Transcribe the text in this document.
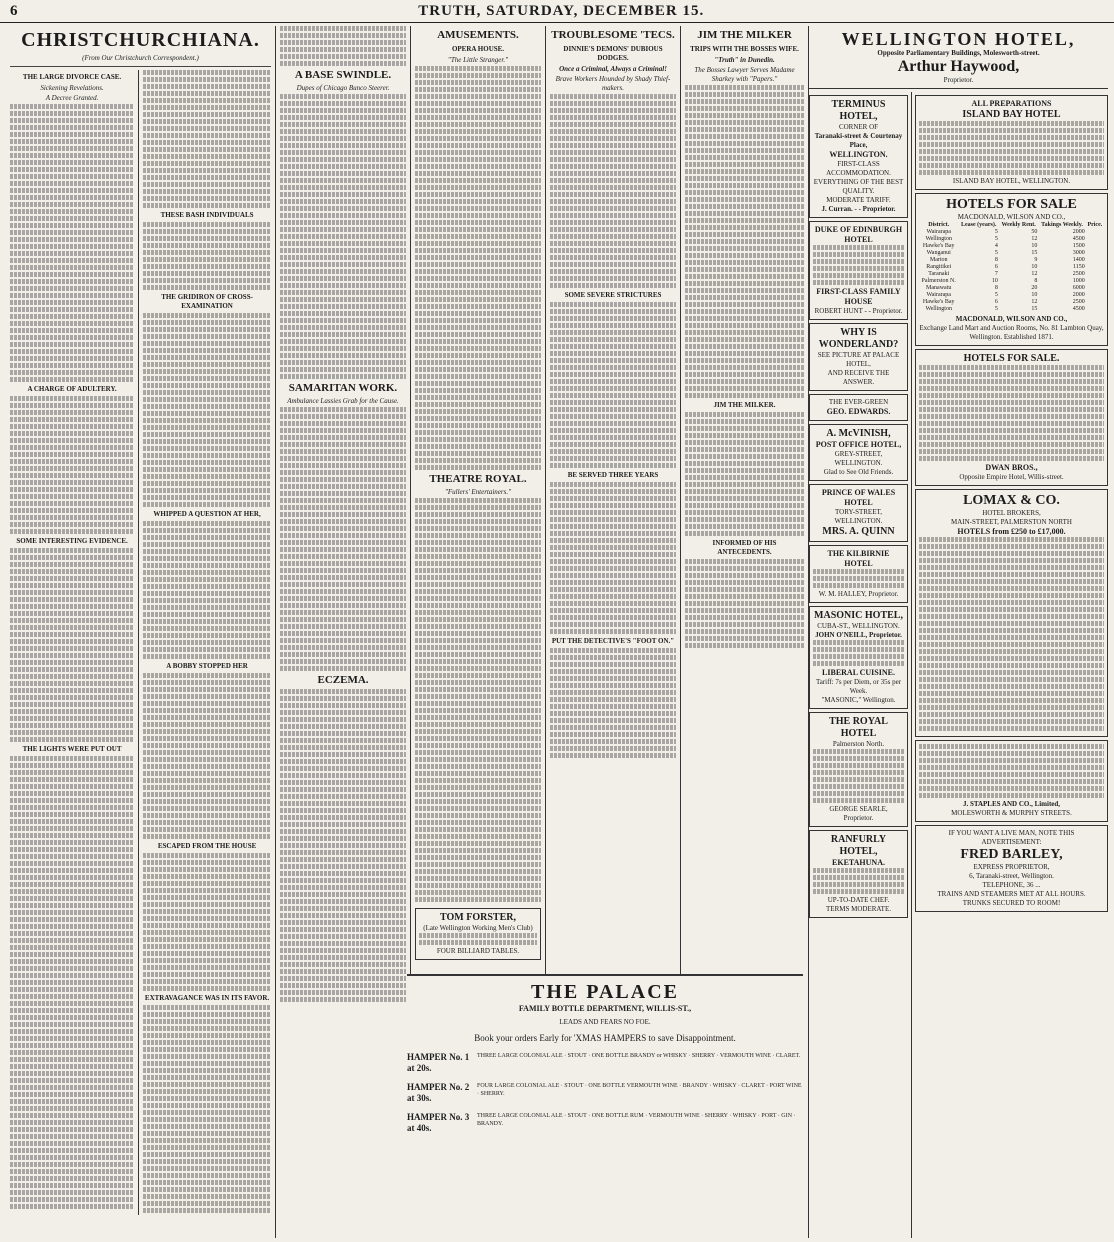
6	TRUTH, SATURDAY, DECEMBER 15.
CHRISTCHURCHIANA.
(From Our Christchurch Correspondent.)
THE LARGE DIVORCE CASE.
Sickening Revelations.
A Decree Granted.
A CHARGE OF ADULTERY.
SOME INTERESTING EVIDENCE.
THE LIGHTS WERE PUT OUT
THESE BASH INDIVIDUALS
THE GRIDIRON OF CROSS-EXAMINATION
WHIPPED A QUESTION AT HER,
A BOBBY STOPPED HER
ESCAPED FROM THE HOUSE
EXTRAVAGANCE WAS IN ITS FAVOR.
A BASE SWINDLE.
Dupes of Chicago Bunco Steerer.
SAMARITAN WORK.
Ambulance Lassies Grab for the Cause.
ECZEMA.
AMUSEMENTS.
OPERA HOUSE.
"The Little Stranger."
THEATRE ROYAL.
"Fullers' Entertainers."
TOM FORSTER,
(Late Wellington Working Men's Club)
FOUR BILLIARD TABLES.
TROUBLESOME 'TECS.
DINNIE'S DEMONS' DUBIOUS DODGES.
Once a Criminal, Always a Criminal!
Brave Workers Hounded by Shady Thief-makers.
SOME SEVERE STRICTURES
BE SERVED THREE YEARS
PUT THE DETECTIVE'S "FOOT ON."
JIM THE MILKER
TRIPS WITH THE BOSSES WIFE.
"Truth" in Dunedin.
The Bosses Lawyer Serves Madame Sharkey with "Papers."
JIM THE MILKER.
INFORMED OF HIS ANTECEDENTS.
WELLINGTON HOTEL,
Opposite Parliamentary Buildings, Molesworth-street.
Arthur Haywood,
Proprietor.
TERMINUS HOTEL,
CORNER OF
Taranaki-street & Courtenay Place,
WELLINGTON.
FIRST-CLASS ACCOMMODATION.
EVERYTHING OF THE BEST QUALITY.
MODERATE TARIFF.
J. Curran. - - Proprietor.
DUKE OF EDINBURGH HOTEL
FIRST-CLASS FAMILY HOUSE
ROBERT HUNT - - Proprietor.
WHY IS WONDERLAND?
SEE PICTURE AT PALACE HOTEL,
AND RECEIVE THE ANSWER.
THE EVER-GREEN
GEO. EDWARDS.
A. McVINISH,
POST OFFICE HOTEL,
GREY-STREET, WELLINGTON.
Glad to See Old Friends.
PRINCE OF WALES HOTEL
TORY-STREET, WELLINGTON.
MRS. A. QUINN
THE KILBIRNIE HOTEL
W. M. HALLEY, Proprietor.
MASONIC HOTEL,
CUBA-ST., WELLINGTON.
JOHN O'NEILL, Proprietor.
LIBERAL CUISINE.
Tariff: 7s per Diem, or 35s per Week.
"MASONIC," Wellington.
THE ROYAL HOTEL
Palmerston North.
GEORGE SEARLE,
Proprietor.
RANFURLY HOTEL,
EKETAHUNA.
UP-TO-DATE CHEF.
TERMS MODERATE.
ALL PREPARATIONS
ISLAND BAY HOTEL
ISLAND BAY HOTEL, WELLINGTON.
HOTELS FOR SALE
MACDONALD, WILSON AND CO.,
District.	Lease (years).	Weekly Rent.	Takings Weekly.	Price.
Wairarapa	5	50	2000	
Wellington	5	12	4500	
Hawke's Bay	4	10	1500	
Wanganui	5	15	3000	
Marton	8	9	1400	
Rangitikei	6	10	1150	
Taranaki	7	12	2500	
Palmerston N.	10	8	1000	
Manawatu	8	20	6000	
Wairarapa	5	10	2000	
Hawke's Bay	6	12	2500	
Wellington	5	15	4500	
MACDONALD, WILSON AND CO.,
Exchange Land Mart and Auction Rooms, No. 81 Lambton Quay, Wellington. Established 1871.
HOTELS FOR SALE.
DWAN BROS.,
Opposite Empire Hotel, Willis-street.
LOMAX & CO.
HOTEL BROKERS,
MAIN-STREET, PALMERSTON NORTH
HOTELS from £250 to £17,000.
J. STAPLES AND CO., Limited,
MOLESWORTH & MURPHY STREETS.
IF YOU WANT A LIVE MAN, NOTE THIS ADVERTISEMENT:
FRED BARLEY,
EXPRESS PROPRIETOR,
6, Taranaki-street, Wellington.
TELEPHONE, 36 ...
TRAINS AND STEAMERS MET AT ALL HOURS.
TRUNKS SECURED TO ROOM!
THE PALACE
FAMILY BOTTLE DEPARTMENT, WILLIS-ST.,
LEADS AND FEARS NO FOE.
Book your orders Early for 'XMAS HAMPERS to save Disappointment.
HAMPER No. 1 at 20s.
THREE LARGE COLONIAL ALE · STOUT · ONE BOTTLE BRANDY or WHISKY · SHERRY · VERMOUTH WINE · CLARET.
HAMPER No. 2 at 30s.
FOUR LARGE COLONIAL ALE · STOUT · ONE BOTTLE VERMOUTH WINE · BRANDY · WHISKY · CLARET · PORT WINE · SHERRY.
HAMPER No. 3 at 40s.
THREE LARGE COLONIAL ALE · STOUT · ONE BOTTLE RUM · VERMOUTH WINE · SHERRY · WHISKY · PORT · GIN · BRANDY.
